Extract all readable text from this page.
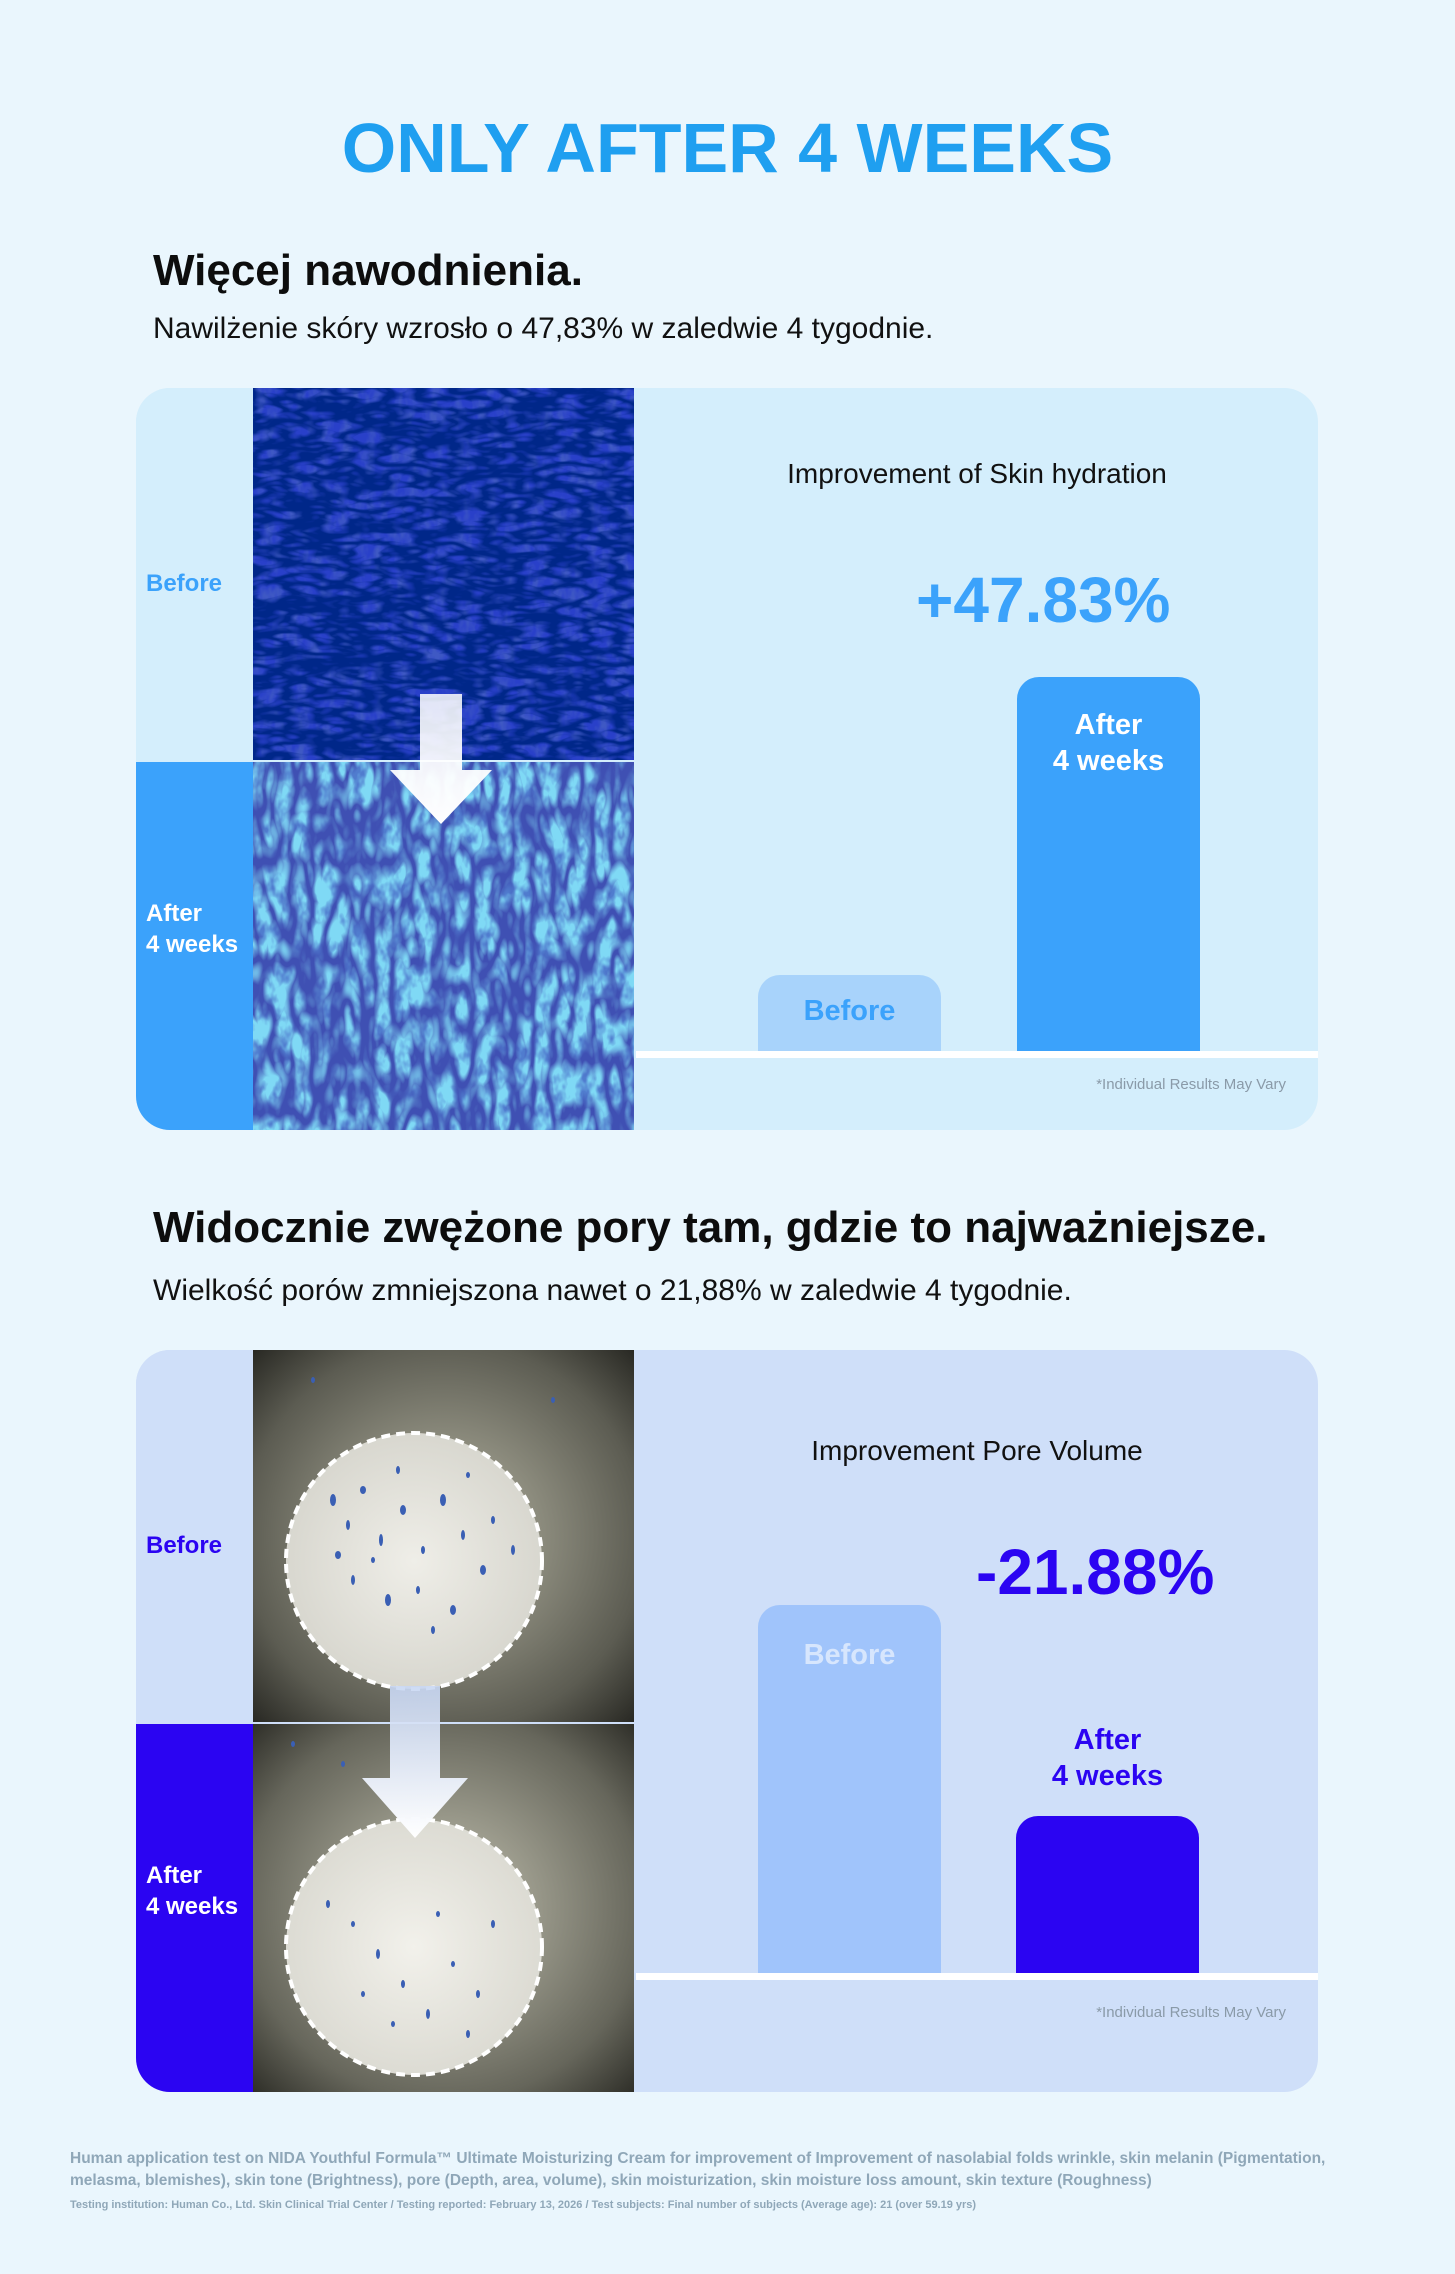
ONLY AFTER 4 WEEKS
Więcej nawodnienia.
Nawilżenie skóry wzrosło o 47,83% w zaledwie 4 tygodnie.
Before
After
4 weeks
Improvement of Skin hydration
+47.83%
Before
After
4 weeks
*Individual Results May Vary
Widocznie zwężone pory tam, gdzie to najważniejsze.
Wielkość porów zmniejszona nawet o 21,88% w zaledwie 4 tygodnie.
Before
After
4 weeks
Improvement Pore Volume
-21.88%
Before
After
4 weeks
*Individual Results May Vary
Human application test on NIDA Youthful Formula™ Ultimate Moisturizing Cream for improvement of Improvement of nasolabial folds wrinkle, skin melanin (Pigmentation, melasma, blemishes), skin tone (Brightness), pore (Depth, area, volume), skin moisturization, skin moisture loss amount, skin texture (Roughness)
Testing institution: Human Co., Ltd. Skin Clinical Trial Center / Testing reported: February 13, 2026 / Test subjects: Final number of subjects (Average age): 21 (over 59.19 yrs)
